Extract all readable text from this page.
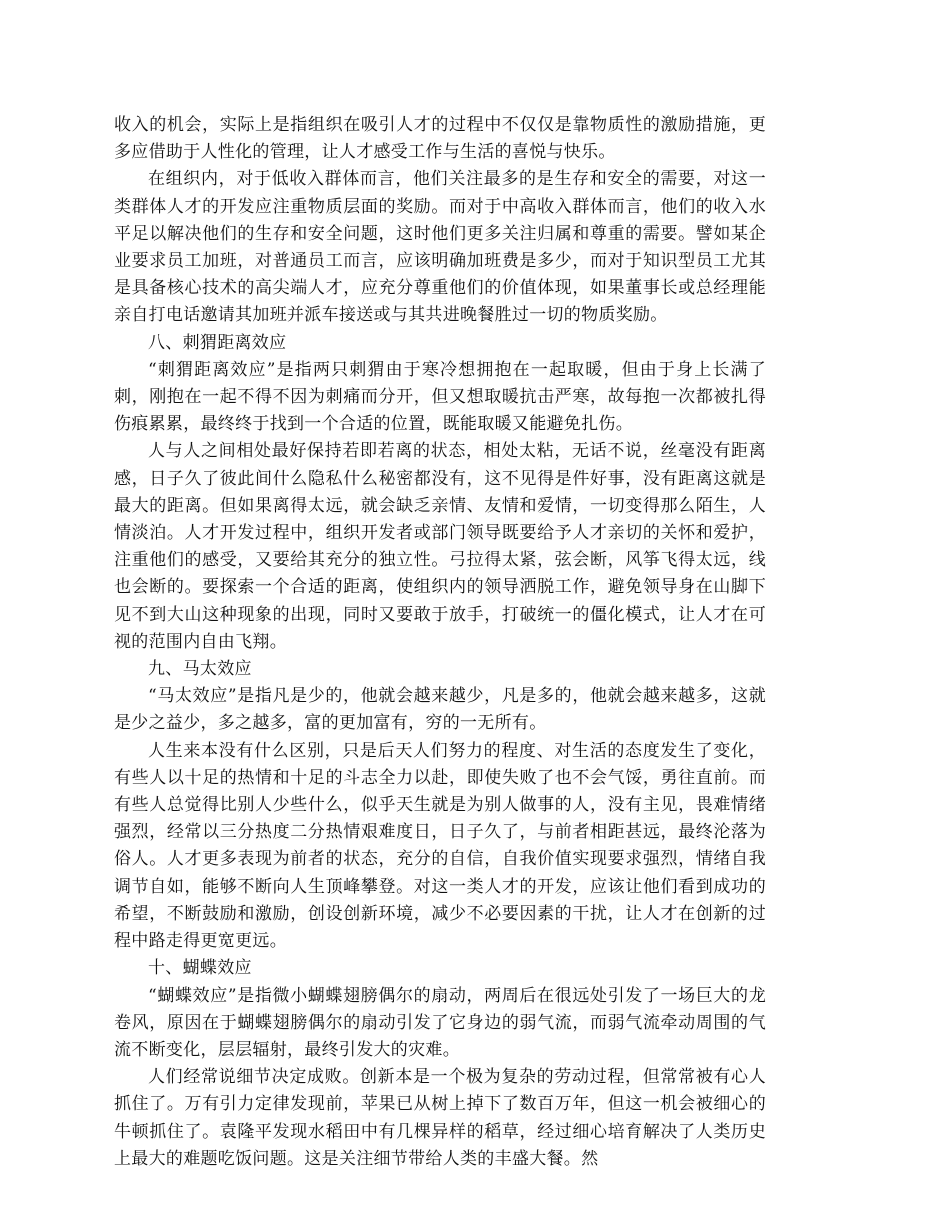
收入的机会，实际上是指组织在吸引人才的过程中不仅仅是靠物质性的激励措施，更多应借助于人性化的管理，让人才感受工作与生活的喜悦与快乐。

在组织内，对于低收入群体而言，他们关注最多的是生存和安全的需要，对这一类群体人才的开发应注重物质层面的奖励。而对于中高收入群体而言，他们的收入水平足以解决他们的生存和安全问题，这时他们更多关注归属和尊重的需要。譬如某企业要求员工加班，对普通员工而言，应该明确加班费是多少，而对于知识型员工尤其是具备核心技术的高尖端人才，应充分尊重他们的价值体现，如果董事长或总经理能亲自打电话邀请其加班并派车接送或与其共进晚餐胜过一切的物质奖励。

八、刺猬距离效应

“刺猬距离效应”是指两只刺猬由于寒冷想拥抱在一起取暖，但由于身上长满了刺，刚抱在一起不得不因为刺痛而分开，但又想取暖抗击严寒，故每抱一次都被扎得伤痕累累，最终终于找到一个合适的位置，既能取暖又能避免扎伤。

人与人之间相处最好保持若即若离的状态，相处太粘，无话不说，丝毫没有距离感，日子久了彼此间什么隐私什么秘密都没有，这不见得是件好事，没有距离这就是最大的距离。但如果离得太远，就会缺乏亲情、友情和爱情，一切变得那么陌生，人情淡泊。人才开发过程中，组织开发者或部门领导既要给予人才亲切的关怀和爱护，注重他们的感受，又要给其充分的独立性。弓拉得太紧，弦会断，风筝飞得太远，线也会断的。要探索一个合适的距离，使组织内的领导洒脱工作，避免领导身在山脚下见不到大山这种现象的出现，同时又要敢于放手，打破统一的僵化模式，让人才在可视的范围内自由飞翔。

九、马太效应

“马太效应”是指凡是少的，他就会越来越少，凡是多的，他就会越来越多，这就是少之益少，多之越多，富的更加富有，穷的一无所有。

人生来本没有什么区别，只是后天人们努力的程度、对生活的态度发生了变化，有些人以十足的热情和十足的斗志全力以赴，即使失败了也不会气馁，勇往直前。而有些人总觉得比别人少些什么，似乎天生就是为别人做事的人，没有主见，畏难情绪强烈，经常以三分热度二分热情艰难度日，日子久了，与前者相距甚远，最终沦落为俗人。人才更多表现为前者的状态，充分的自信，自我价值实现要求强烈，情绪自我调节自如，能够不断向人生顶峰攀登。对这一类人才的开发，应该让他们看到成功的希望，不断鼓励和激励，创设创新环境，减少不必要因素的干扰，让人才在创新的过程中路走得更宽更远。

十、蝴蝶效应

“蝴蝶效应”是指微小蝴蝶翅膀偶尔的扇动，两周后在很远处引发了一场巨大的龙卷风，原因在于蝴蝶翅膀偶尔的扇动引发了它身边的弱气流，而弱气流牵动周围的气流不断变化，层层辐射，最终引发大的灾难。

人们经常说细节决定成败。创新本是一个极为复杂的劳动过程，但常常被有心人抓住了。万有引力定律发现前，苹果已从树上掉下了数百万年，但这一机会被细心的牛顿抓住了。袁隆平发现水稻田中有几棵异样的稻草，经过细心培育解决了人类历史上最大的难题吃饭问题。这是关注细节带给人类的丰盛大餐。然
